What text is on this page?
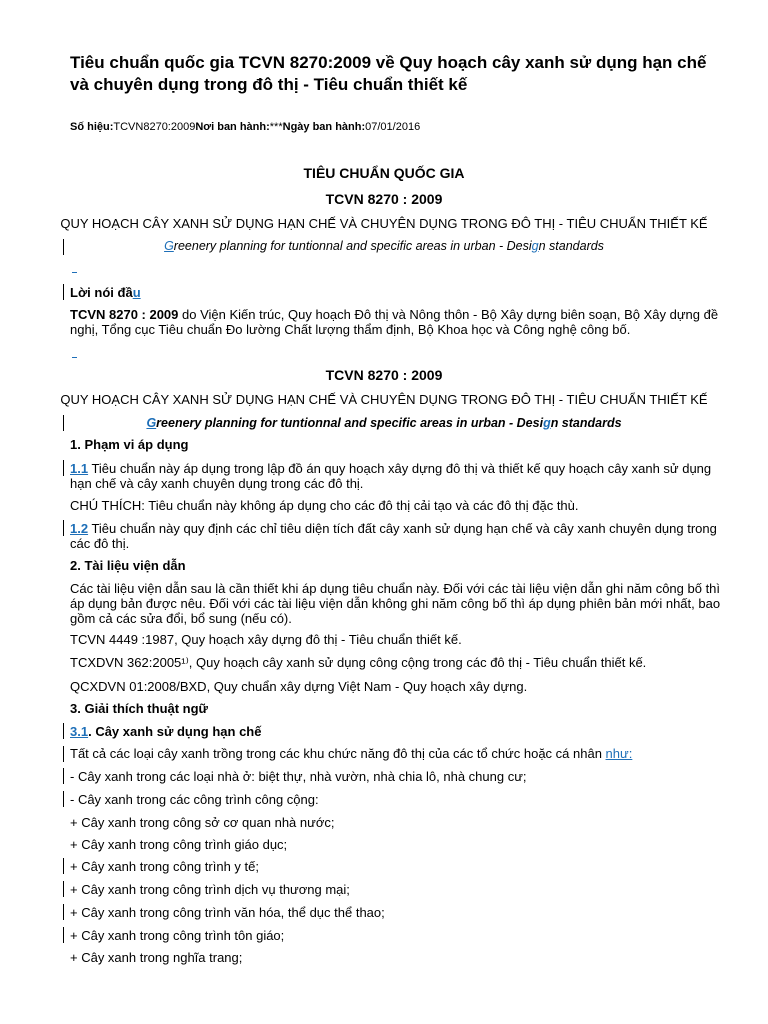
Tiêu chuẩn quốc gia TCVN 8270:2009 về Quy hoạch cây xanh sử dụng hạn chế và chuyên dụng trong đô thị - Tiêu chuẩn thiết kế
Số hiệu:TCVN8270:2009Nơi ban hành:***Ngày ban hành:07/01/2016
TIÊU CHUẨN QUỐC GIA
TCVN 8270 : 2009
QUY HOẠCH CÂY XANH SỬ DỤNG HẠN CHẾ VÀ CHUYÊN DỤNG TRONG ĐÔ THỊ - TIÊU CHUẨN THIẾT KẾ
Greenery planning for tuntionnal and specific areas in urban - Design standards
Lời nói đầu
TCVN 8270 : 2009 do Viện Kiến trúc, Quy hoạch Đô thị và Nông thôn - Bộ Xây dựng biên soạn, Bộ Xây dựng đề nghị, Tổng cục Tiêu chuẩn Đo lường Chất lượng thẩm định, Bộ Khoa học và Công nghệ công bố.
TCVN 8270 : 2009
QUY HOẠCH CÂY XANH SỬ DỤNG HẠN CHẾ VÀ CHUYÊN DỤNG TRONG ĐÔ THỊ - TIÊU CHUẨN THIẾT KẾ
Greenery planning for tuntionnal and specific areas in urban - Design standards
1. Phạm vi áp dụng
1.1 Tiêu chuẩn này áp dụng trong lập đồ án quy hoạch xây dựng đô thị và thiết kế quy hoạch cây xanh sử dụng hạn chế và cây xanh chuyên dụng trong các đô thị.
CHÚ THÍCH: Tiêu chuẩn này không áp dụng cho các đô thị cải tạo và các đô thị đặc thù.
1.2 Tiêu chuẩn này quy định các chỉ tiêu diện tích đất cây xanh sử dụng hạn chế và cây xanh chuyên dụng trong các đô thị.
2. Tài liệu viện dẫn
Các tài liệu viện dẫn sau là cần thiết khi áp dụng tiêu chuẩn này. Đối với các tài liệu viện dẫn ghi năm công bố thì áp dụng bản được nêu. Đối với các tài liệu viện dẫn không ghi năm công bố thì áp dụng phiên bản mới nhất, bao gồm cả các sửa đổi, bổ sung (nếu có).
TCVN 4449 :1987, Quy hoạch xây dựng đô thị - Tiêu chuẩn thiết kế.
TCXDVN 362:2005¹⁾, Quy hoạch cây xanh sử dụng công cộng trong các đô thị - Tiêu chuẩn thiết kế.
QCXDVN 01:2008/BXD, Quy chuẩn xây dựng Việt Nam - Quy hoạch xây dựng.
3. Giải thích thuật ngữ
3.1. Cây xanh sử dụng hạn chế
Tất cả các loại cây xanh trồng trong các khu chức năng đô thị của các tổ chức hoặc cá nhân như:
- Cây xanh trong các loại nhà ở: biệt thự, nhà vườn, nhà chia lô, nhà chung cư;
- Cây xanh trong các công trình công cộng:
+ Cây xanh trong công sở cơ quan nhà nước;
+ Cây xanh trong công trình giáo dục;
+ Cây xanh trong công trình y tế;
+ Cây xanh trong công trình dịch vụ thương mại;
+ Cây xanh trong công trình văn hóa, thể dục thể thao;
+ Cây xanh trong công trình tôn giáo;
+ Cây xanh trong nghĩa trang;
